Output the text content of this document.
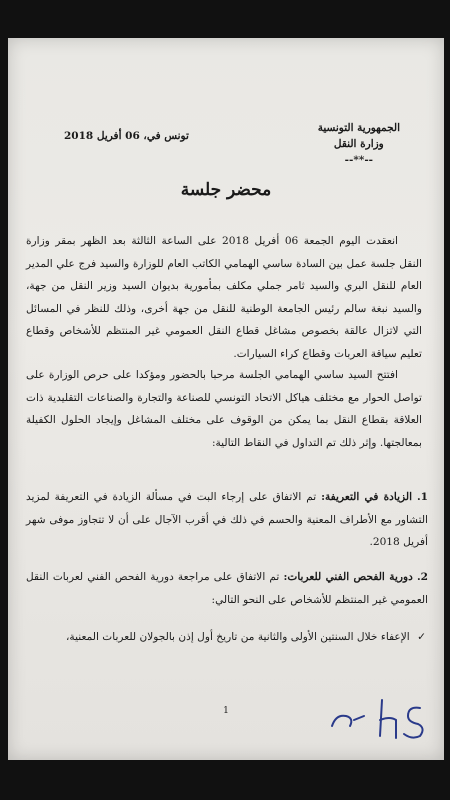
الجمهورية التونسية
وزارة النقل
--**--
تونس في، 06 أفريل 2018
محضر جلسة
انعقدت اليوم الجمعة 06 أفريل 2018 على الساعة الثالثة بعد الظهر بمقر وزارة النقل جلسة عمل بين السادة ساسي الهمامي الكاتب العام للوزارة والسيد فرج علي المدير العام للنقل البري والسيد ثامر جملي مكلف بمأمورية بديوان السيد وزير النقل من جهة، والسيد نبغة سالم رئيس الجامعة الوطنية للنقل من جهة أخرى، وذلك للنظر في المسائل التي لاتزال عالقة بخصوص مشاغل قطاع النقل العمومي غير المنتظم للأشخاص وقطاع تعليم سياقة العربات وقطاع كراء السيارات.
افتتح السيد ساسي الهمامي الجلسة مرحبا بالحضور ومؤكدا على حرص الوزارة على تواصل الحوار مع مختلف هياكل الاتحاد التونسي للصناعة والتجارة والصناعات التقليدية ذات العلاقة بقطاع النقل بما يمكن من الوقوف على مختلف المشاغل وإيجاد الحلول الكفيلة بمعالجتها. وإثر ذلك تم التداول في النقاط التالية:
1. الزيادة في التعريفة: تم الاتفاق على إرجاء البت في مسألة الزيادة في التعريفة لمزيد التشاور مع الأطراف المعنية والحسم في ذلك في أقرب الآجال على أن لا تتجاوز موفى شهر أفريل 2018.
2. دورية الفحص الفني للعربات: تم الاتفاق على مراجعة دورية الفحص الفني لعربات النقل العمومي غير المنتظم للأشخاص على النحو التالي:
✓ الإعفاء خلال السنتين الأولى والثانية من تاريخ أول إذن بالجولان للعربات المعنية،
1
